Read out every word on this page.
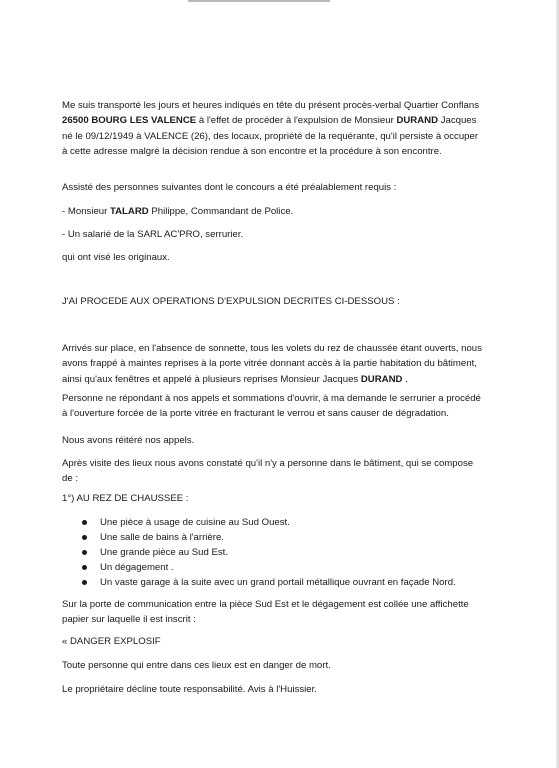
Me suis transporté les jours et heures indiqués en tête du présent procès-verbal Quartier Conflans 26500 BOURG LES VALENCE à l'effet de procéder à l'expulsion de Monsieur DURAND Jacques né le 09/12/1949 à VALENCE (26), des locaux, propriété de la requérante, qu'il persiste à occuper à cette adresse malgré la décision rendue à son encontre et la procédure à son encontre.

Assisté des personnes suivantes dont le concours a été préalablement requis :

- Monsieur TALARD Philippe, Commandant de Police.

- Un salarié de la SARL AC'PRO, serrurier.

qui ont visé les originaux.

J'AI PROCEDE AUX OPERATIONS D'EXPULSION DECRITES CI-DESSOUS :

Arrivés sur place, en l'absence de sonnette, tous les volets du rez de chaussée étant ouverts, nous avons frappé à maintes reprises à la porte vitrée donnant accès à la partie habitation du bâtiment, ainsi qu'aux fenêtres et appelé à plusieurs reprises Monsieur Jacques DURAND .

Personne ne répondant à nos appels et sommations d'ouvrir, à ma demande le serrurier a procédé à l'ouverture forcée de la porte vitrée en fracturant le verrou et sans causer de dégradation.

Nous avons réitéré nos appels.

Après visite des lieux nous avons constaté qu'il n'y a personne dans le bâtiment, qui se compose de :

1°) AU REZ DE CHAUSSEE :

Une pièce à usage de cuisine au Sud Ouest.
Une salle de bains à l'arrière.
Une grande pièce au Sud Est.
Un dégagement .
Un vaste garage à la suite avec un grand portail métallique ouvrant en façade Nord.

Sur la porte de communication entre la pièce Sud Est et le dégagement est collée une affichette papier sur laquelle il est inscrit :

« DANGER EXPLOSIF

Toute personne qui entre dans ces lieux est en danger de mort.

Le propriétaire décline toute responsabilité. Avis à l'Huissier.
